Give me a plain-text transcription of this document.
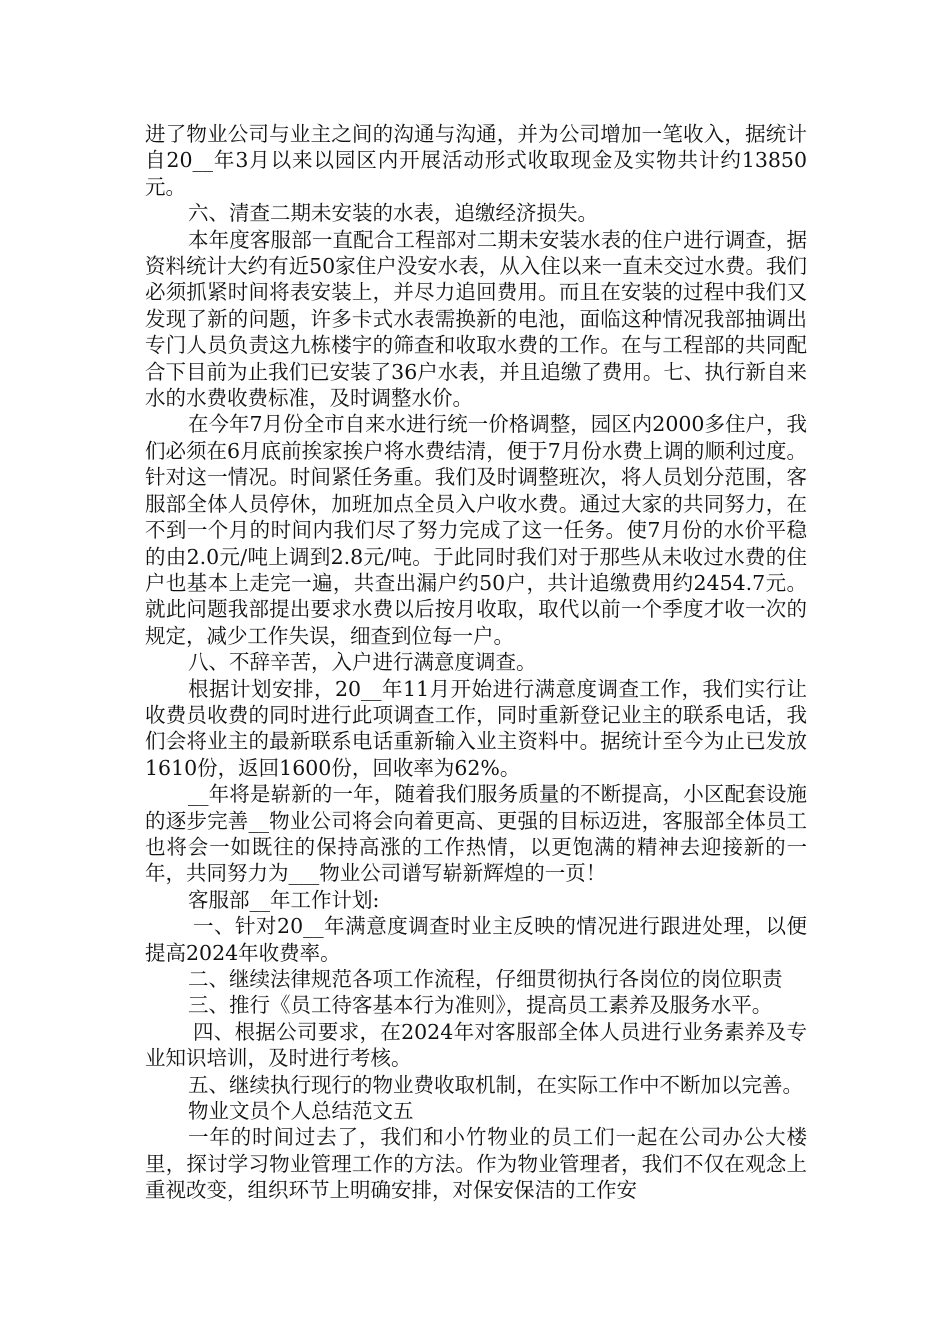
进了物业公司与业主之间的沟通与沟通，并为公司增加一笔收入，据统计自20__年3月以来以园区内开展活动形式收取现金及实物共计约13850元。

六、清查二期未安装的水表，追缴经济损失。

本年度客服部一直配合工程部对二期未安装水表的住户进行调查，据资料统计大约有近50家住户没安水表，从入住以来一直未交过水费。我们必须抓紧时间将表安装上，并尽力追回费用。而且在安装的过程中我们又发现了新的问题，许多卡式水表需换新的电池，面临这种情况我部抽调出专门人员负责这九栋楼宇的筛查和收取水费的工作。在与工程部的共同配合下目前为止我们已安装了36户水表，并且追缴了费用。七、执行新自来水的水费收费标准，及时调整水价。

在今年7月份全市自来水进行统一价格调整，园区内2000多住户，我们必须在6月底前挨家挨户将水费结清，便于7月份水费上调的顺利过度。针对这一情况。时间紧任务重。我们及时调整班次，将人员划分范围，客服部全体人员停休，加班加点全员入户收水费。通过大家的共同努力，在不到一个月的时间内我们尽了努力完成了这一任务。使7月份的水价平稳的由2.0元/吨上调到2.8元/吨。于此同时我们对于那些从未收过水费的住户也基本上走完一遍，共查出漏户约50户，共计追缴费用约2454.7元。就此问题我部提出要求水费以后按月收取，取代以前一个季度才收一次的规定，减少工作失误，细查到位每一户。

八、不辞辛苦，入户进行满意度调查。

根据计划安排，20__年11月开始进行满意度调查工作，我们实行让收费员收费的同时进行此项调查工作，同时重新登记业主的联系电话，我们会将业主的最新联系电话重新输入业主资料中。据统计至今为止已发放1610份，返回1600份，回收率为62%。

__年将是崭新的一年，随着我们服务质量的不断提高，小区配套设施的逐步完善__物业公司将会向着更高、更强的目标迈进，客服部全体员工也将会一如既往的保持高涨的工作热情，以更饱满的精神去迎接新的一年，共同努力为___物业公司谱写崭新辉煌的一页！

客服部__年工作计划:

一、针对20__年满意度调查时业主反映的情况进行跟进处理，以便提高2024年收费率。

二、继续法律规范各项工作流程，仔细贯彻执行各岗位的岗位职责

三、推行《员工待客基本行为准则》，提高员工素养及服务水平。

四、根据公司要求，在2024年对客服部全体人员进行业务素养及专业知识培训，及时进行考核。

五、继续执行现行的物业费收取机制，在实际工作中不断加以完善。

物业文员个人总结范文五

一年的时间过去了，我们和小竹物业的员工们一起在公司办公大楼里，探讨学习物业管理工作的方法。作为物业管理者，我们不仅在观念上重视改变，组织环节上明确安排，对保安保洁的工作安
